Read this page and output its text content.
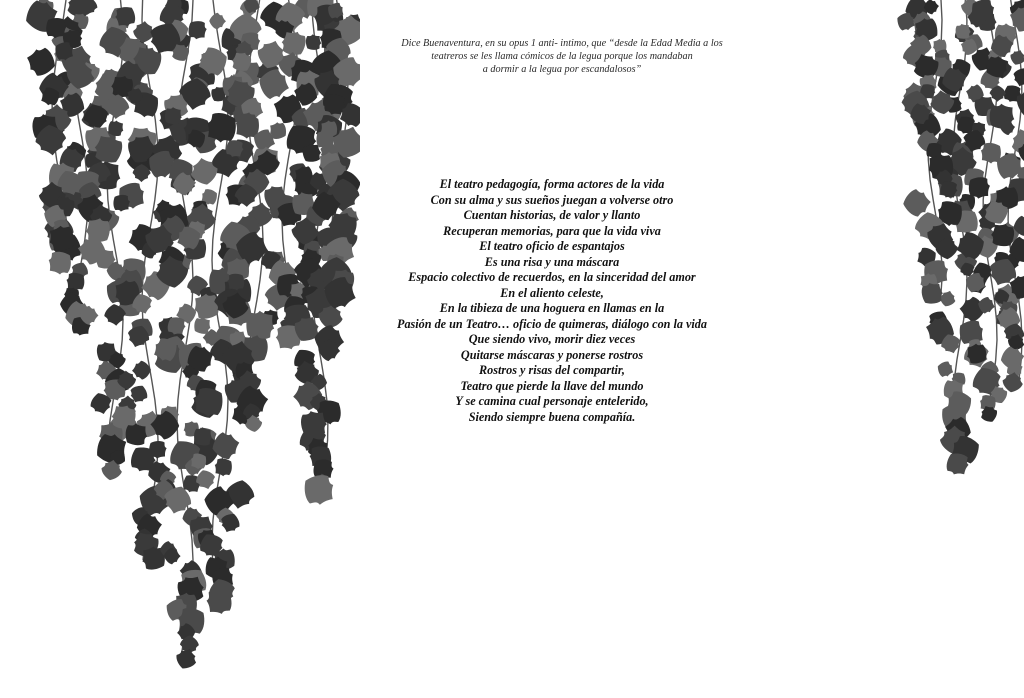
Dice Buenaventura, en su opus 1 anti- intimo, que “desde la Edad Media a los
teatreros se les llama cómicos de la legua porque los mandaban
a dormir a la legua por escandalosos”
El teatro pedagogía, forma actores de la vida
Con su alma y sus sueños juegan a volverse otro
Cuentan historias, de valor y llanto
Recuperan memorias, para que la vida viva
El teatro oficio de espantajos
Es una risa y una máscara
Espacio colectivo de recuerdos, en la sinceridad del amor
En el aliento celeste,
En la tibieza de una hoguera en llamas en la
Pasión de un Teatro… oficio de quimeras, diálogo con la vida
Que siendo vivo, morir diez veces
Quitarse máscaras y ponerse rostros
Rostros y risas del compartir,
Teatro que pierde la llave del mundo
Y se camina cual personaje entelerido,
Siendo siempre buena compañía.
